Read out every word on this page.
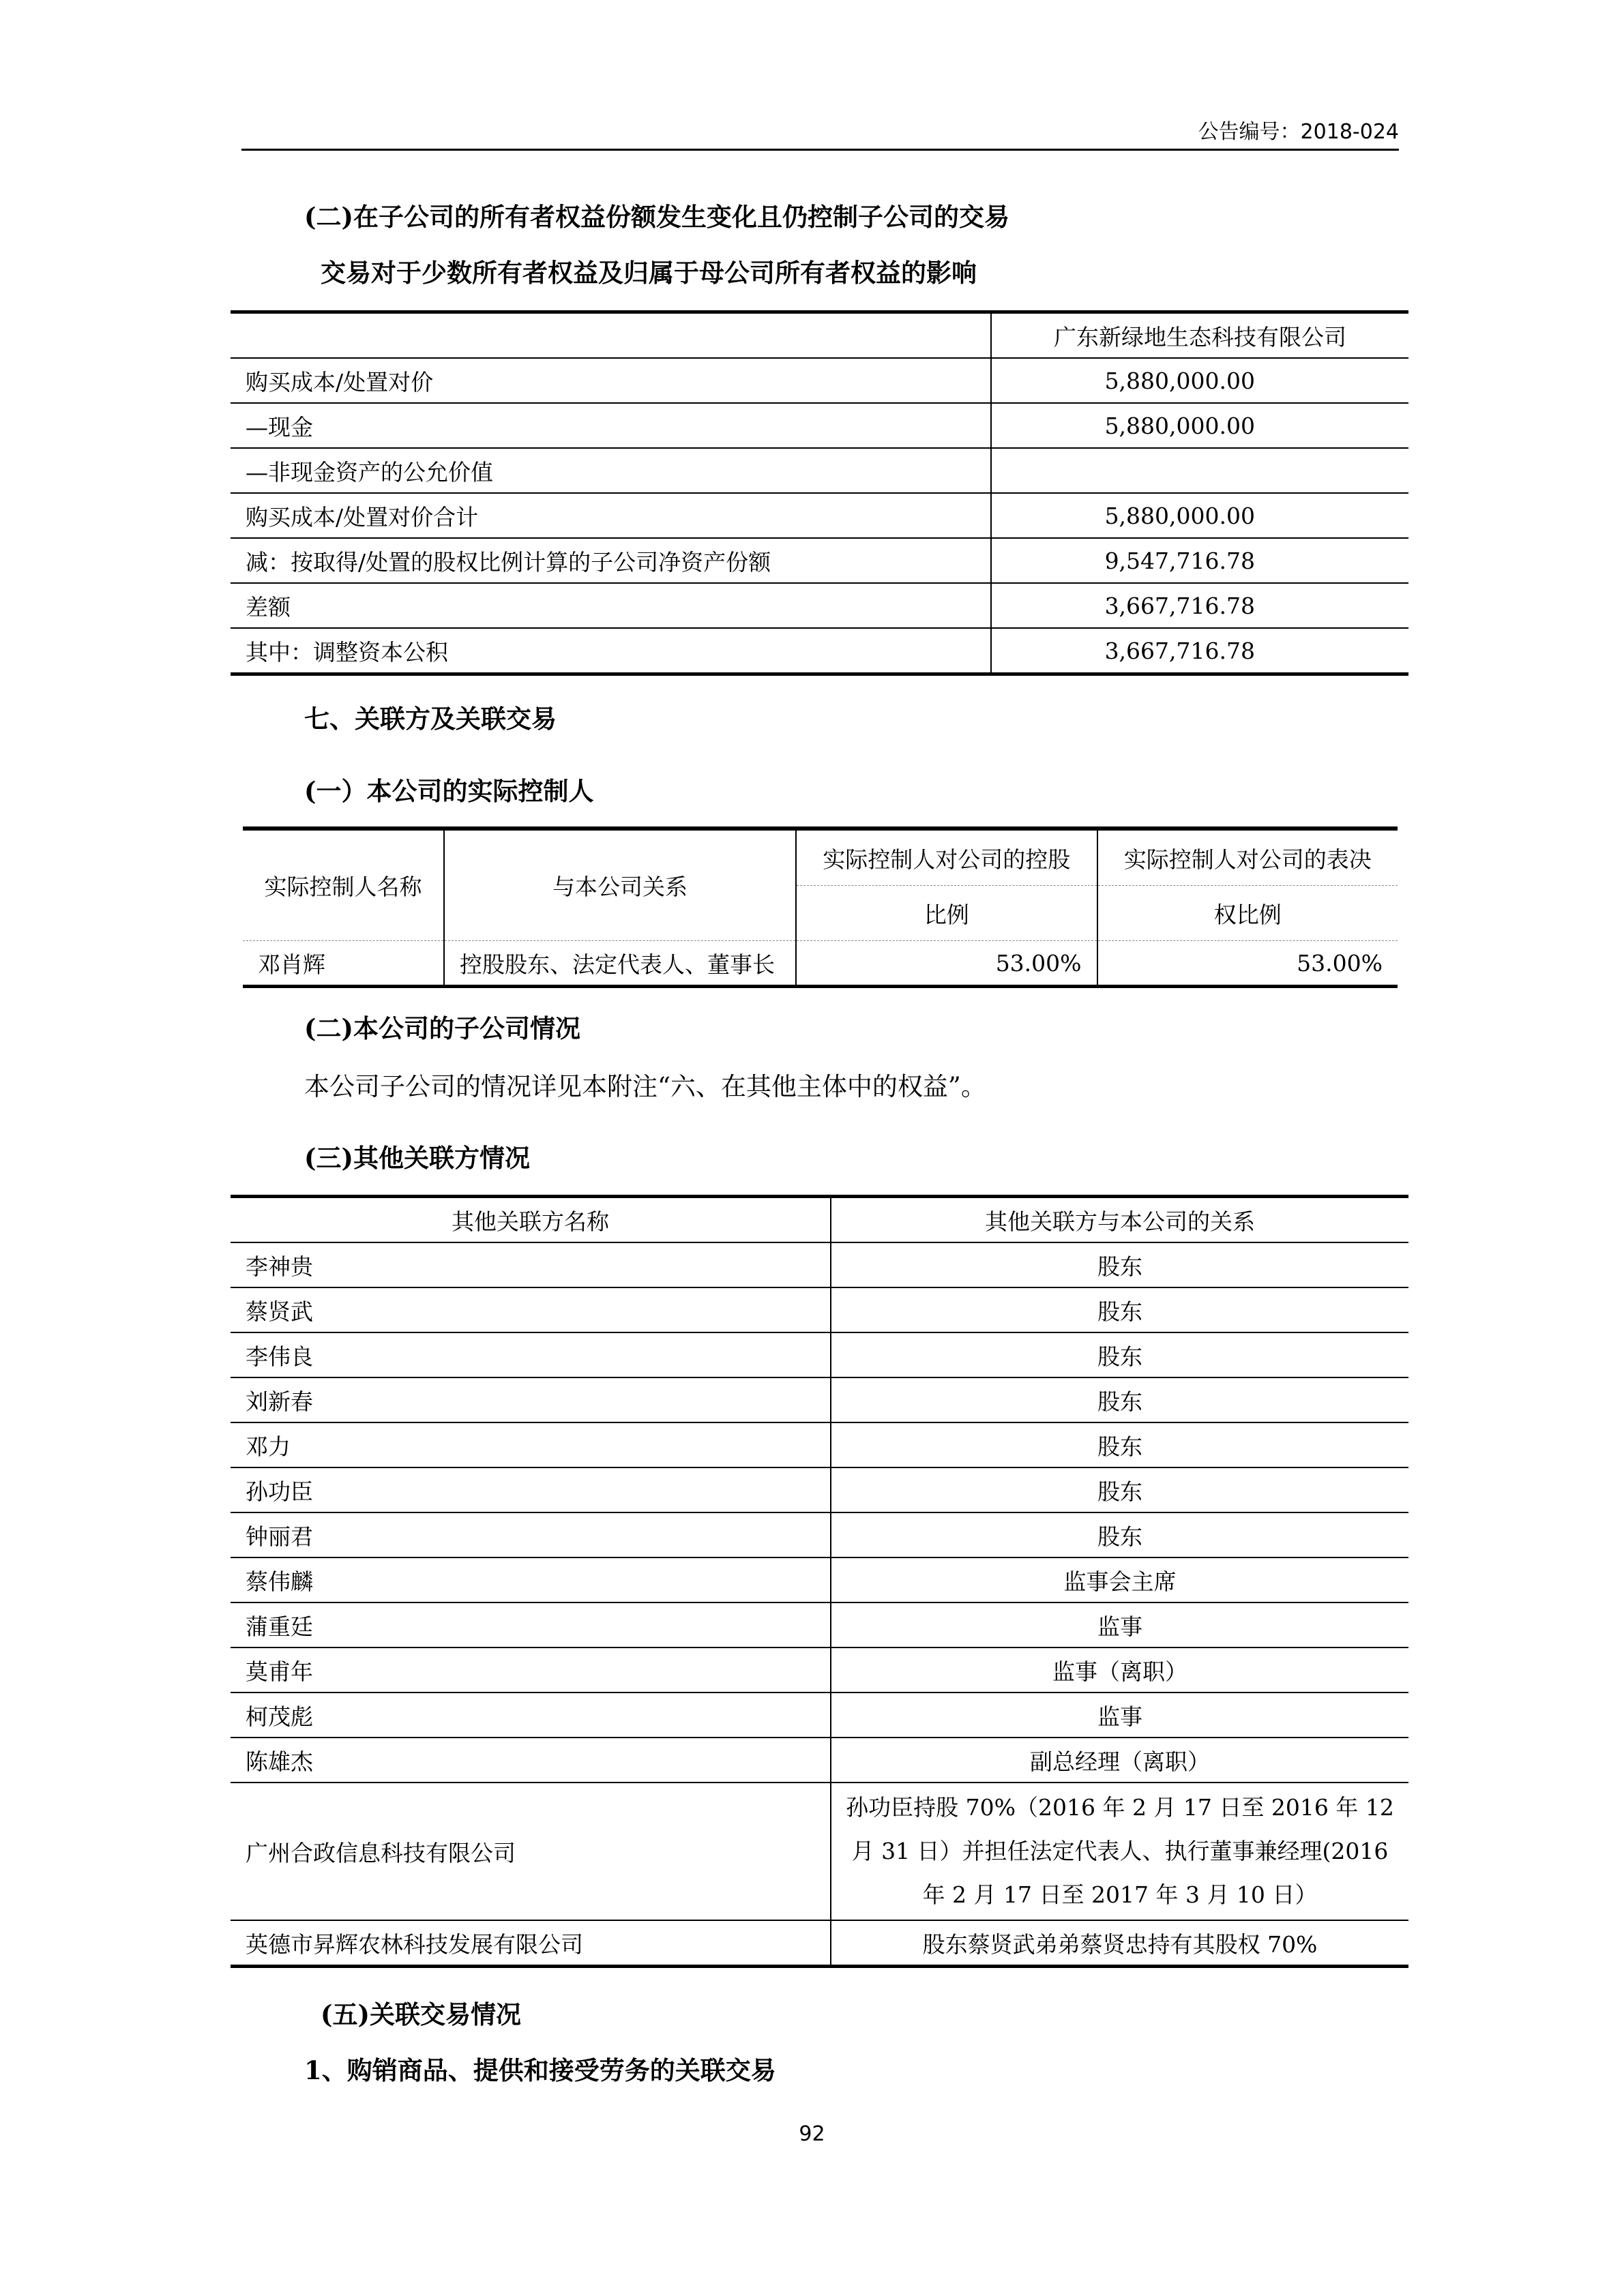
公告编号：2018-024
(二)在子公司的所有者权益份额发生变化且仍控制子公司的交易
交易对于少数所有者权益及归属于母公司所有者权益的影响
	广东新绿地生态科技有限公司
购买成本/处置对价	5,880,000.00
—现金	5,880,000.00
—非现金资产的公允价值	
购买成本/处置对价合计	5,880,000.00
减：按取得/处置的股权比例计算的子公司净资产份额	9,547,716.78
差额	3,667,716.78
其中：调整资本公积	3,667,716.78
七、关联方及关联交易
(一）本公司的实际控制人
实际控制人名称	与本公司关系	实际控制人对公司的控股	实际控制人对公司的表决
		比例	权比例
邓肖辉	控股股东、法定代表人、董事长	53.00%	53.00%
(二)本公司的子公司情况
本公司子公司的情况详见本附注“六、在其他主体中的权益”。
(三)其他关联方情况
其他关联方名称	其他关联方与本公司的关系
李神贵	股东
蔡贤武	股东
李伟良	股东
刘新春	股东
邓力	股东
孙功臣	股东
钟丽君	股东
蔡伟麟	监事会主席
蒲重廷	监事
莫甫年	监事（离职）
柯茂彪	监事
陈雄杰	副总经理（离职）
广州合政信息科技有限公司	孙功臣持股 70%（2016 年 2 月 17 日至 2016 年 12
月 31 日）并担任法定代表人、执行董事兼经理(2016
年 2 月 17 日至 2017 年 3 月 10 日）

英德市昇辉农林科技发展有限公司	股东蔡贤武弟弟蔡贤忠持有其股权 70%
(五)关联交易情况
1、购销商品、提供和接受劳务的关联交易
92
